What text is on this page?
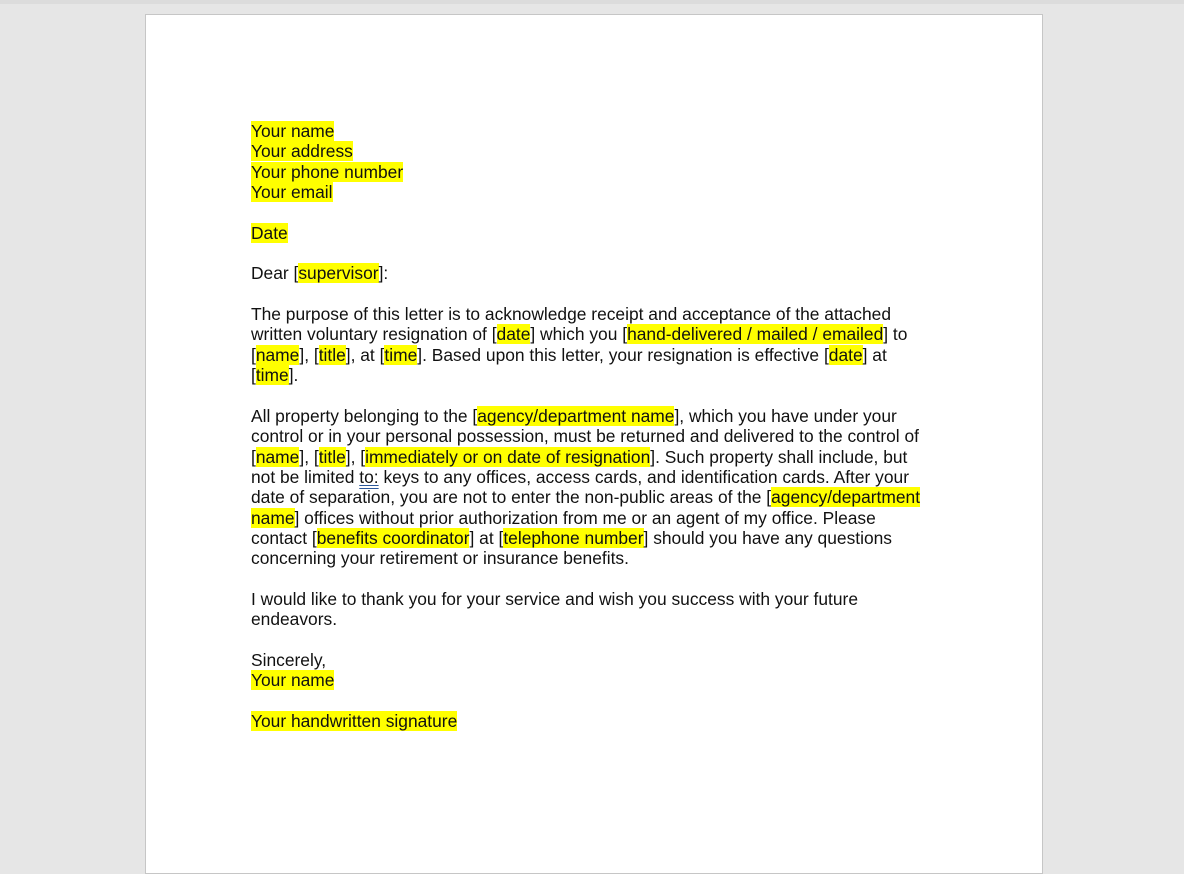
Your name
Your address
Your phone number
Your email
Date
Dear [supervisor]:
The purpose of this letter is to acknowledge receipt and acceptance of the attached
written voluntary resignation of [date] which you [hand-delivered / mailed / emailed] to
[name], [title], at [time]. Based upon this letter, your resignation is effective [date] at
[time].
All property belonging to the [agency/department name], which you have under your
control or in your personal possession, must be returned and delivered to the control of
[name], [title], [immediately or on date of resignation]. Such property shall include, but
not be limited to: keys to any offices, access cards, and identification cards. After your
date of separation, you are not to enter the non-public areas of the [agency/department
name] offices without prior authorization from me or an agent of my office. Please
contact [benefits coordinator] at [telephone number] should you have any questions
concerning your retirement or insurance benefits.
I would like to thank you for your service and wish you success with your future
endeavors.
Sincerely,
Your name
Your handwritten signature
